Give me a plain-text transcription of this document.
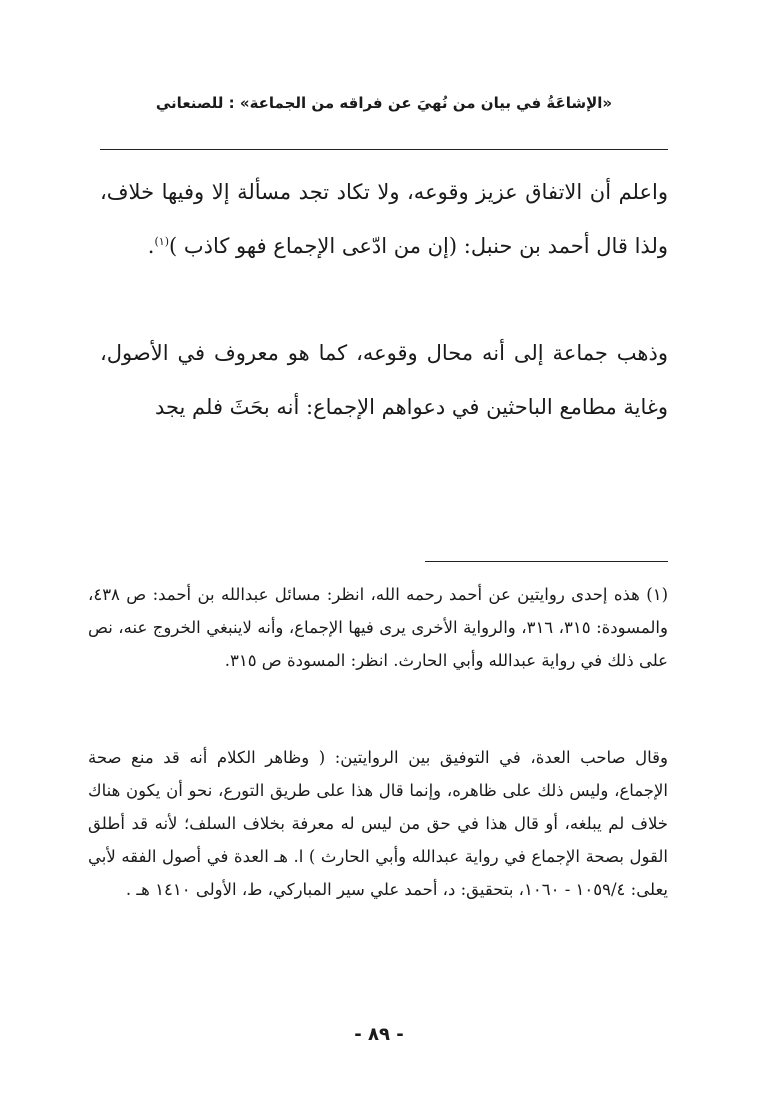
«الإشاعَةُ في بيان من نُهيَ عن فراقه من الجماعة» : للصنعاني
واعلم أن الاتفاق عزيز وقوعه، ولا تكاد تجد مسألة إلا وفيها خلاف، ولذا قال أحمد بن حنبل: (إن من ادّعى الإجماع فهو كاذب )$^{(١)}$.
وذهب جماعة إلى أنه محال وقوعه، كما هو معروف في الأصول، وغاية مطامع الباحثين في دعواهم الإجماع: أنه بحَثَ فلم يجد
(١) هذه إحدى روايتين عن أحمد رحمه الله، انظر: مسائل عبدالله بن أحمد: ص ٤٣٨، والمسودة: ٣١٥، ٣١٦، والرواية الأخرى يرى فيها الإجماع، وأنه لاينبغي الخروج عنه، نص على ذلك في رواية عبدالله وأبي الحارث. انظر: المسودة ص ٣١٥.
وقال صاحب العدة، في التوفيق بين الروايتين: ( وظاهر الكلام أنه قد منع صحة الإجماع، وليس ذلك على ظاهره، وإنما قال هذا على طريق التورع، نحو أن يكون هناك خلاف لم يبلغه، أو قال هذا في حق من ليس له معرفة بخلاف السلف؛ لأنه قد أطلق القول بصحة الإجماع في رواية عبدالله وأبي الحارث ) ا. هـ العدة في أصول الفقه لأبي يعلى: ١٠٥٩/٤ - ١٠٦٠، بتحقيق: د، أحمد علي سير المباركي، ط، الأولى ١٤١٠ هـ .
- ٨٩ -
